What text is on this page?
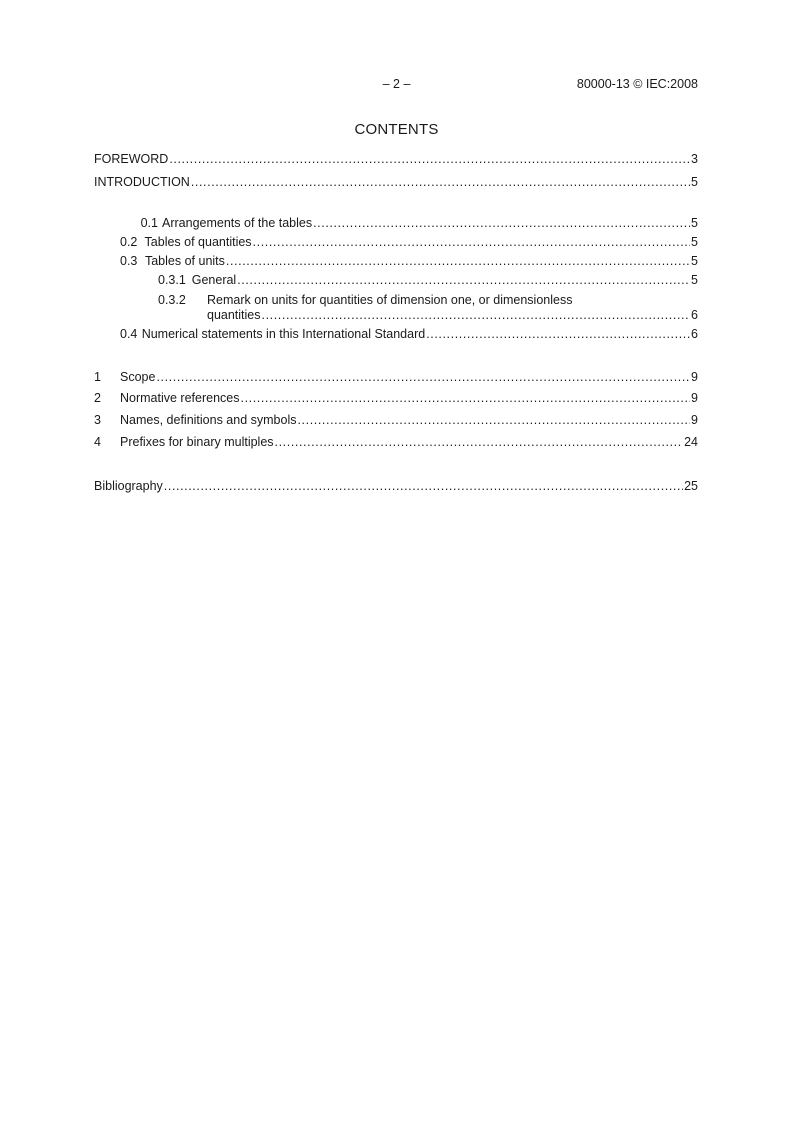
– 2 –	80000-13 © IEC:2008
CONTENTS
FOREWORD .....	3
INTRODUCTION .....	5
0.1 Arrangements of the tables .....	5
0.2 Tables of quantities .....	5
0.3 Tables of units .....	5
0.3.1 General .....	5
0.3.2 Remark on units for quantities of dimension one, or dimensionless
quantities .....	6
0.4 Numerical statements in this International Standard .....	6
1	Scope .....	9
2	Normative references .....	9
3	Names, definitions and symbols .....	9
4	Prefixes for binary multiples .....	24
Bibliography .....	25
